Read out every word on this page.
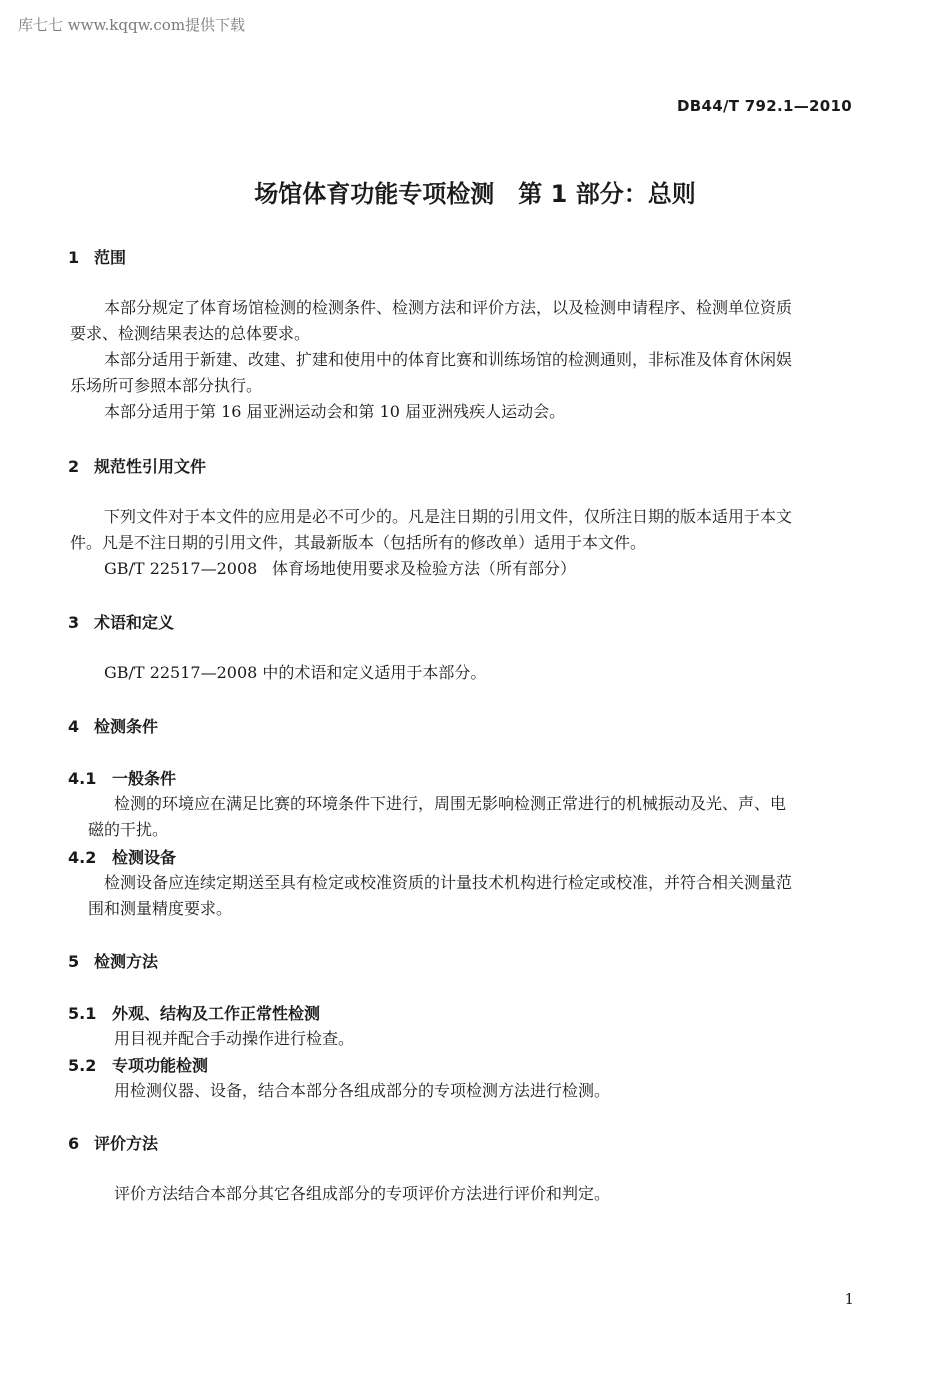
库七七 www.kqqw.com提供下载
DB44/T 792.1—2010
场馆体育功能专项检测　第 1 部分：总则
1 范围
本部分规定了体育场馆检测的检测条件、检测方法和评价方法，以及检测申请程序、检测单位资质
要求、检测结果表达的总体要求。
本部分适用于新建、改建、扩建和使用中的体育比赛和训练场馆的检测通则，非标准及体育休闲娱
乐场所可参照本部分执行。
本部分适用于第 16 届亚洲运动会和第 10 届亚洲残疾人运动会。
2 规范性引用文件
下列文件对于本文件的应用是必不可少的。凡是注日期的引用文件，仅所注日期的版本适用于本文
件。凡是不注日期的引用文件，其最新版本（包括所有的修改单）适用于本文件。
GB/T 22517—2008 体育场地使用要求及检验方法（所有部分）
3 术语和定义
GB/T 22517—2008 中的术语和定义适用于本部分。
4 检测条件
4.1 一般条件
检测的环境应在满足比赛的环境条件下进行，周围无影响检测正常进行的机械振动及光、声、电
磁的干扰。
4.2 检测设备
检测设备应连续定期送至具有检定或校准资质的计量技术机构进行检定或校准，并符合相关测量范
围和测量精度要求。
5 检测方法
5.1 外观、结构及工作正常性检测
用目视并配合手动操作进行检查。
5.2 专项功能检测
用检测仪器、设备，结合本部分各组成部分的专项检测方法进行检测。
6 评价方法
评价方法结合本部分其它各组成部分的专项评价方法进行评价和判定。
1
